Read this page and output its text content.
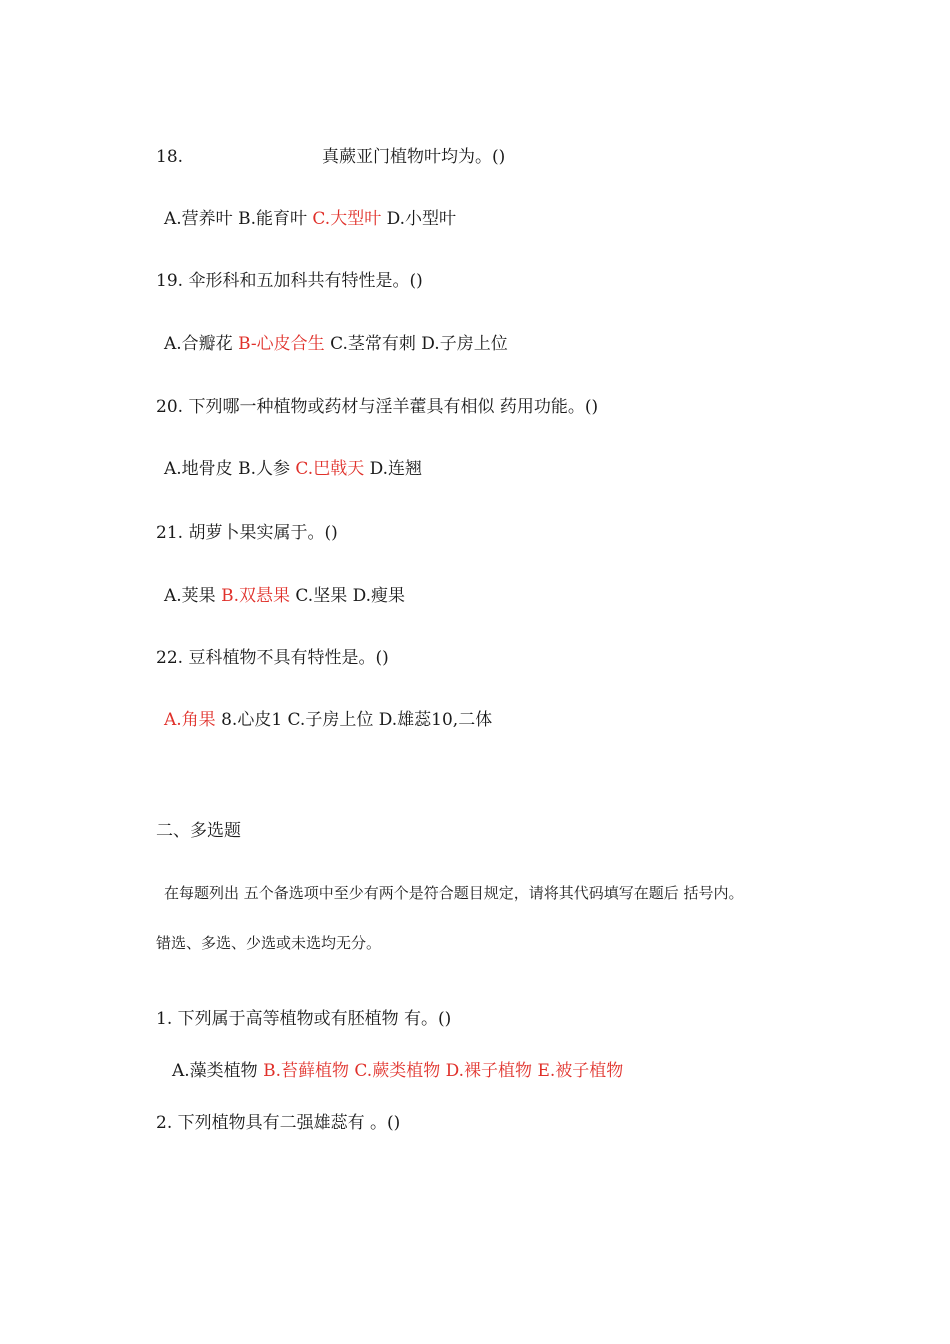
18.	真蕨亚门植物叶均为。()
A.营养叶 B.能育叶 C.大型叶 D.小型叶
19. 伞形科和五加科共有特性是。()
A.合瓣花 B-心皮合生 C.茎常有刺 D.子房上位
20. 下列哪一种植物或药材与淫羊藿具有相似 药用功能。()
A.地骨皮 B.人参 C.巴戟天 D.连翘
21. 胡萝卜果实属于。()
A.荚果 B.双悬果 C.坚果 D.瘦果
22. 豆科植物不具有特性是。()
A.角果 8.心皮1 C.子房上位 D.雄蕊10,二体
二、多选题
在每题列出 五个备选项中至少有两个是符合题目规定，请将其代码填写在题后 括号内。
错选、多选、少选或未选均无分。
1. 下列属于高等植物或有胚植物 有。()
A.藻类植物 B.苔藓植物 C.蕨类植物 D.裸子植物 E.被子植物
2. 下列植物具有二强雄蕊有 。()
